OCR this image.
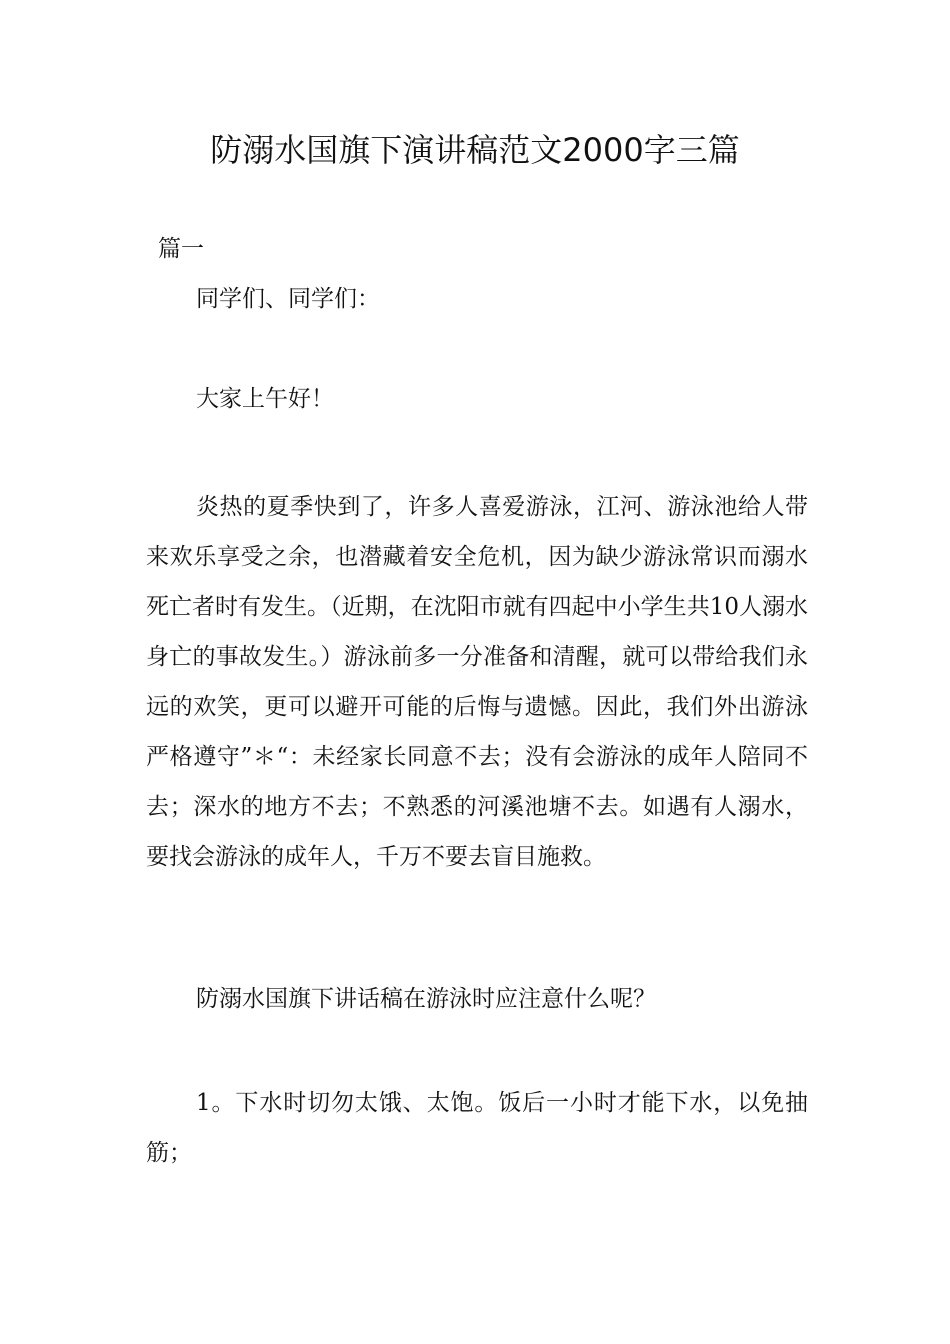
防溺水国旗下演讲稿范文2000字三篇

篇一

同学们、同学们：

大家上午好！

炎热的夏季快到了，许多人喜爱游泳，江河、游泳池给人带来欢乐享受之余，也潜藏着安全危机，因为缺少游泳常识而溺水死亡者时有发生。（近期，在沈阳市就有四起中小学生共10人溺水身亡的事故发生。）游泳前多一分准备和清醒，就可以带给我们永远的欢笑，更可以避开可能的后悔与遗憾。因此，我们外出游泳严格遵守”＊“：未经家长同意不去；没有会游泳的成年人陪同不去；深水的地方不去；不熟悉的河溪池塘不去。如遇有人溺水，要找会游泳的成年人，千万不要去盲目施救。

防溺水国旗下讲话稿在游泳时应注意什么呢？

1。下水时切勿太饿、太饱。饭后一小时才能下水，以免抽筋；
